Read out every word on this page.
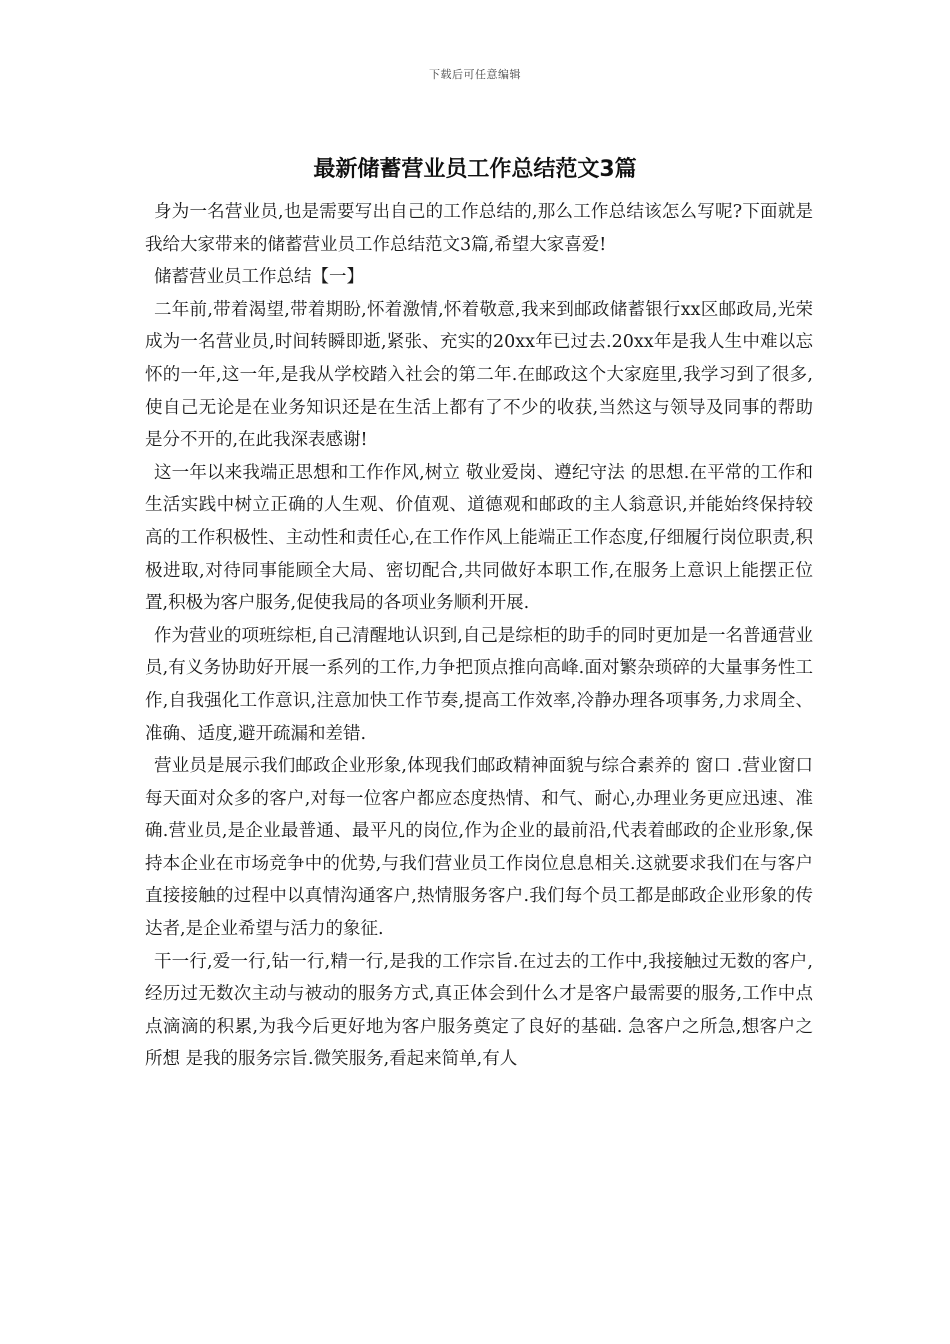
下载后可任意编辑
最新储蓄营业员工作总结范文3篇

身为一名营业员,也是需要写出自己的工作总结的,那么工作总结该怎么写呢?下面就是我给大家带来的储蓄营业员工作总结范文3篇,希望大家喜爱!

储蓄营业员工作总结【一】

二年前,带着渴望,带着期盼,怀着激情,怀着敬意,我来到邮政储蓄银行xx区邮政局,光荣成为一名营业员,时间转瞬即逝,紧张、充实的20xx年已过去.20xx年是我人生中难以忘怀的一年,这一年,是我从学校踏入社会的第二年.在邮政这个大家庭里,我学习到了很多,使自己无论是在业务知识还是在生活上都有了不少的收获,当然这与领导及同事的帮助是分不开的,在此我深表感谢!

这一年以来我端正思想和工作作风,树立 敬业爱岗、遵纪守法 的思想.在平常的工作和生活实践中树立正确的人生观、价值观、道德观和邮政的主人翁意识,并能始终保持较高的工作积极性、主动性和责任心,在工作作风上能端正工作态度,仔细履行岗位职责,积极进取,对待同事能顾全大局、密切配合,共同做好本职工作,在服务上意识上能摆正位置,积极为客户服务,促使我局的各项业务顺利开展.

作为营业的项班综柜,自己清醒地认识到,自己是综柜的助手的同时更加是一名普通营业员,有义务协助好开展一系列的工作,力争把顶点推向高峰.面对繁杂琐碎的大量事务性工作,自我强化工作意识,注意加快工作节奏,提高工作效率,冷静办理各项事务,力求周全、准确、适度,避开疏漏和差错.

营业员是展示我们邮政企业形象,体现我们邮政精神面貌与综合素养的 窗口 .营业窗口每天面对众多的客户,对每一位客户都应态度热情、和气、耐心,办理业务更应迅速、准确.营业员,是企业最普通、最平凡的岗位,作为企业的最前沿,代表着邮政的企业形象,保持本企业在市场竞争中的优势,与我们营业员工作岗位息息相关.这就要求我们在与客户直接接触的过程中以真情沟通客户,热情服务客户.我们每个员工都是邮政企业形象的传达者,是企业希望与活力的象征.

干一行,爱一行,钻一行,精一行,是我的工作宗旨.在过去的工作中,我接触过无数的客户,经历过无数次主动与被动的服务方式,真正体会到什么才是客户最需要的服务,工作中点点滴滴的积累,为我今后更好地为客户服务奠定了良好的基础. 急客户之所急,想客户之所想 是我的服务宗旨.微笑服务,看起来简单,有人
